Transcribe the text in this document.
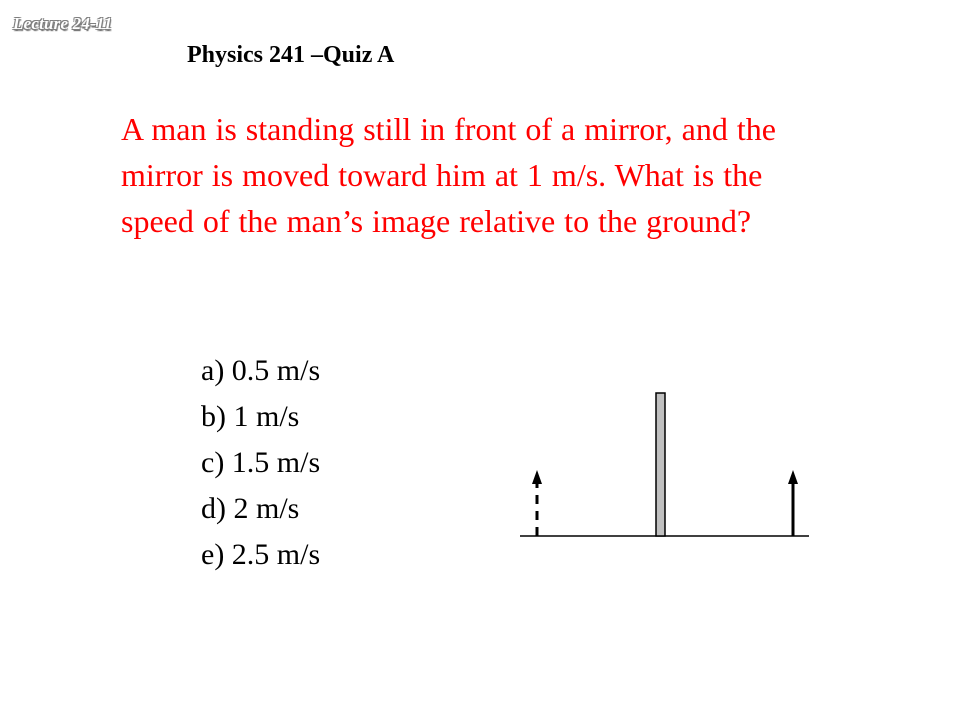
Lecture 24-11
Physics 241 –Quiz A

A man is standing still in front of a mirror, and the
mirror is moved toward him at 1 m/s. What is the
speed of the man’s image relative to the ground?

a) 0.5 m/s
b) 1 m/s
c) 1.5 m/s
d) 2 m/s
e) 2.5 m/s
